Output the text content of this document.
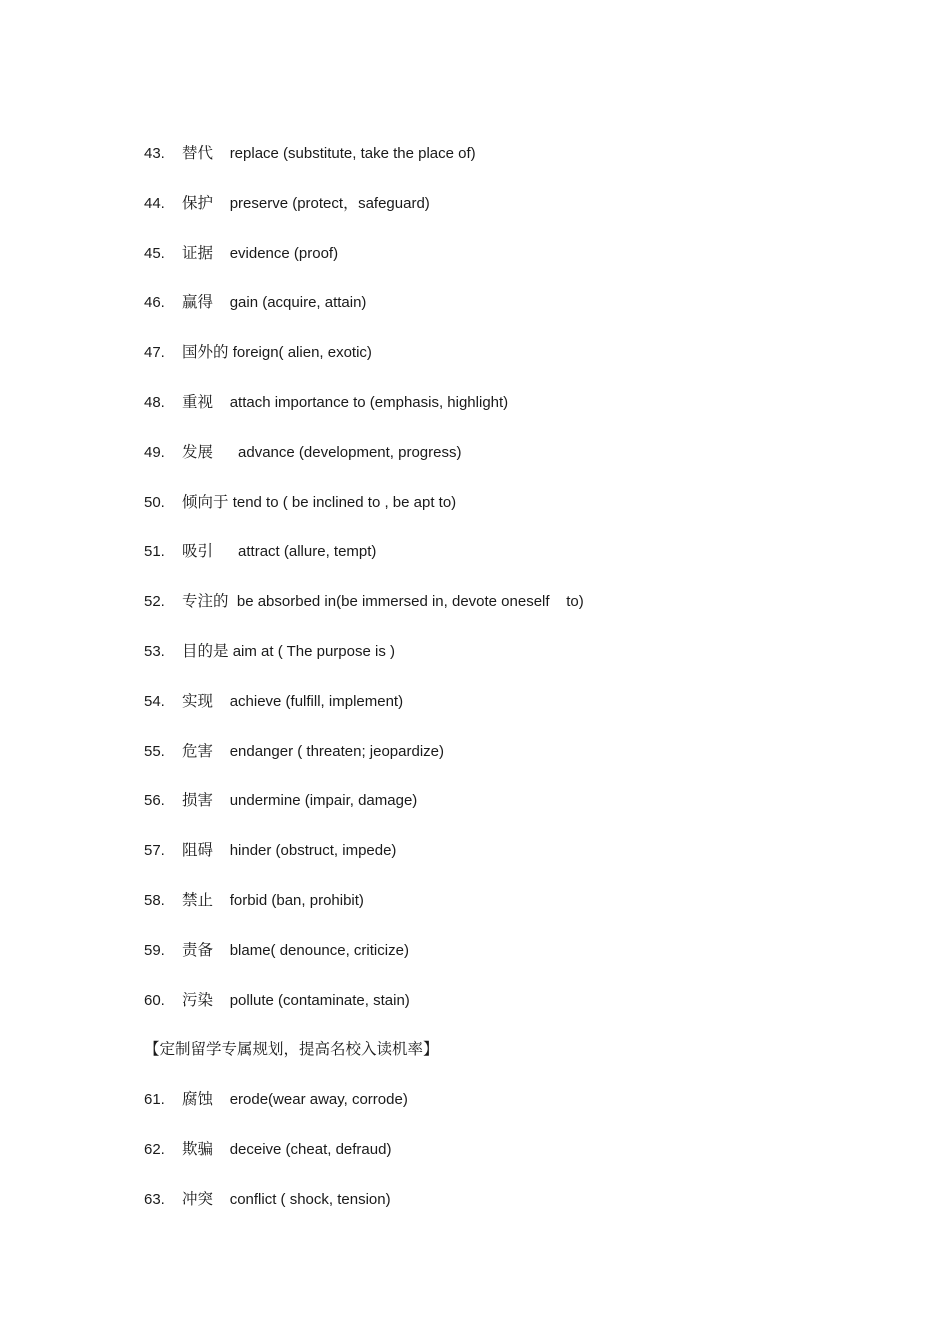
43. 替代 replace (substitute, take the place of)
44. 保护 preserve (protect，safeguard)
45. 证据 evidence (proof)
46. 赢得 gain (acquire, attain)
47. 国外的 foreign( alien, exotic)
48. 重视 attach importance to (emphasis, highlight)
49. 发展 advance (development, progress)
50. 倾向于 tend to ( be inclined to , be apt to)
51. 吸引 attract (allure, tempt)
52. 专注的 be absorbed in(be immersed in, devote oneself    to)
53. 目的是 aim at ( The purpose is )
54. 实现 achieve (fulfill, implement)
55. 危害 endanger ( threaten; jeopardize)
56. 损害 undermine (impair, damage)
57. 阻碍 hinder (obstruct, impede)
58. 禁止 forbid (ban, prohibit)
59. 责备 blame( denounce, criticize)
60. 污染 pollute (contaminate, stain)
【定制留学专属规划，提高名校入读机率】
61. 腐蚀 erode(wear away, corrode)
62. 欺骗 deceive (cheat, defraud)
63. 冲突 conflict ( shock, tension)
